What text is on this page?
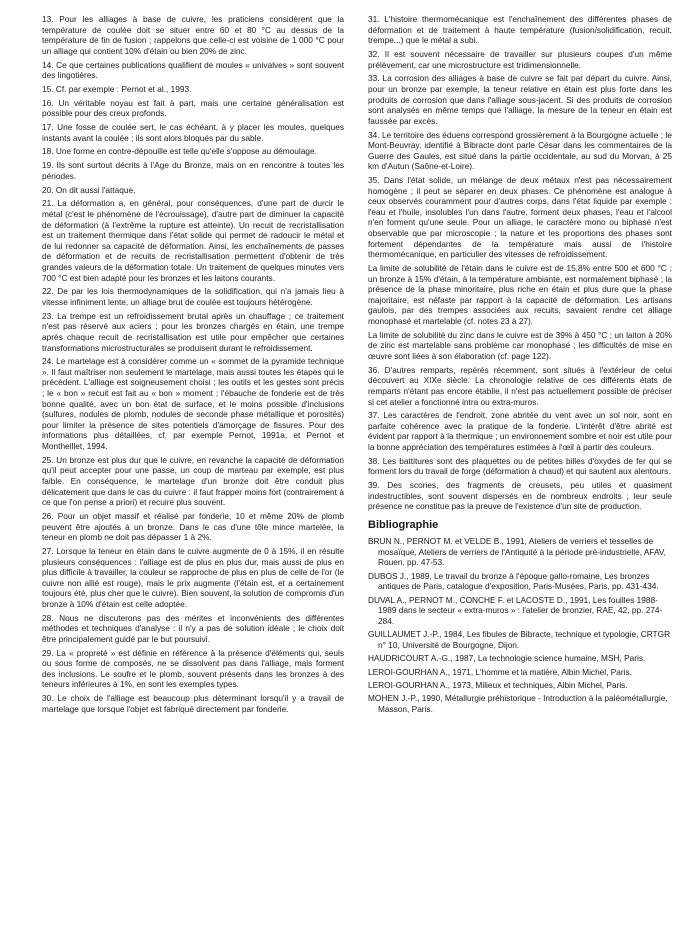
13. Pour les alliages à base de cuivre, les praticiens considèrent que la température de coulée doit se situer entre 60 et 80 °C au dessus de la température de fin de fusion ; rappelons que celle-ci est voisine de 1 000 °C pour un alliage qui contient 10% d'étain ou bien 20% de zinc.

14. Ce que certaines publications qualifient de moules « univalves » sont souvent des lingotières.

15. Cf. par exemple : Pernot et al., 1993.

16. Un véritable noyau est fait à part, mais une certaine généralisation est possible pour des creux profonds.

17. Une fosse de coulée sert, le cas échéant, à y placer les moules, quelques instants avant la coulée ; ils sont alors bloqués par du sable.

18. Une forme en contre-dépouille est telle qu'elle s'oppose au démoulage.

19. Ils sont surtout décrits à l'Age du Bronze, mais on en rencontre à toutes les périodes.

20. On dit aussi l'attaque.

21. La déformation a, en général, pour conséquences, d'une part de durcir le métal (c'est le phénomène de l'écrouissage), d'autre part de diminuer la capacité de déformation (à l'extrême la rupture est atteinte). Un recuit de recristallisation est un traitement thermique dans l'état solide qui permet de radoucir le métal et de lui redonner sa capacité de déformation. Ainsi, les enchaînements de passes de déformation et de recuits de recristallisation permettent d'obtenir de très grandes valeurs de la déformation totale. Un traitement de quelques minutes vers 700 °C est bien adapté pour les bronzes et les laitons courants.

22. De par les lois thermodynamiques de la solidification, qui n'a jamais lieu à vitesse infiniment lente, un alliage brut de coulée est toujours hétérogène.

23. La trempe est un refroidissement brutal après un chauffage ; ce traitement n'est pas réservé aux aciers ; pour les bronzes chargés en étain, une trempe après chaque recuit de recristallisation est utile pour empêcher que certaines transformations microstructurales se produisent durant le refroidissement.

24. Le martelage est à considérer comme un « sommet de la pyramide technique ». Il faut maîtriser non seulement le martelage, mais aussi toutes les étapes qui le précèdent. L'alliage est soigneusement choisi ; les outils et les gestes sont précis ; le « bon » recuit est fait au « bon » moment ; l'ébauche de fonderie est de très bonne qualité, avec un bon état de surface, et le moins possible d'inclusions (sulfures, nodules de plomb, nodules de seconde phase métallique et porosités) pour limiter la présence de sites potentiels d'amorçage de fissures. Pour des informations plus détaillées, cf. par exemple Pernot, 1991a, et Pernot et Montheillet, 1994.

25. Un bronze est plus dur que le cuivre, en revanche la capacité de déformation qu'il peut accepter pour une passe, un coup de marteau par exemple, est plus faible. En conséquence, le martelage d'un bronze doit être conduit plus délicatement que dans le cas du cuivre : il faut frapper moins fort (contrairement à ce que l'on pense a priori) et recuire plus souvent.

26. Pour un objet massif et réalisé par fonderie, 10 et même 20% de plomb peuvent être ajoutés à un bronze. Dans le cas d'une tôle mince martelée, la teneur en plomb ne doit pas dépasser 1 à 2%.

27. Lorsque la teneur en étain dans le cuivre augmente de 0 à 15%, il en résulte plusieurs conséquences : l'alliage est de plus en plus dur, mais aussi de plus en plus difficile à travailler, la couleur se rapproche de plus en plus de celle de l'or (le cuivre non allié est rouge), mais le prix augmente (l'étain est, et a certainement toujours été, plus cher que le cuivre). Bien souvent, la solution de compromis d'un bronze à 10% d'étain est celle adoptée.

28. Nous ne discuterons pas des mérites et inconvénients des différentes méthodes et techniques d'analyse : il n'y a pas de solution idéale ; le choix doit être principalement guidé par le but poursuivi.

29. La « propreté » est définie en référence à la présence d'éléments qui, seuls ou sous forme de composés, ne se dissolvent pas dans l'alliage, mais forment des inclusions. Le soufre et le plomb, souvent présents dans les bronzes à des teneurs inférieures à 1%, en sont les exemples types.

30. Le choix de l'alliage est beaucoup plus déterminant lorsqu'il y a travail de martelage que lorsque l'objet est fabriqué directement par fonderie.

31. L'histoire thermomécanique est l'enchaînement des différentes phases de déformation et de traitement à haute température (fusion/solidification, recuit, trempe...) que le métal a subi.

32. Il est souvent nécessaire de travailler sur plusieurs coupes d'un même prélèvement, car une microstructure est tridimensionnelle.

33. La corrosion des alliages à base de cuivre se fait par départ du cuivre. Ainsi, pour un bronze par exemple, la teneur relative en étain est plus forte dans les produits de corrosion que dans l'alliage sous-jacent. Si des produits de corrosion sont analysés en même temps que l'alliage, la mesure de la teneur en étain est faussée par excès.

34. Le territoire des éduens correspond grossièrement à la Bourgogne actuelle ; le Mont-Beuvray, identifié à Bibracte dont parle César dans les commentaires de la Guerre des Gaules, est situé dans la partie occidentale, au sud du Morvan, à 25 km d'Autun (Saône-et-Loire).

35. Dans l'état solide, un mélange de deux métaux n'est pas nécessairement homogène ; il peut se séparer en deux phases. Ce phénomène est analogue à ceux observés couramment pour d'autres corps, dans l'état liquide par exemple : l'eau et l'huile, insolubles l'un dans l'autre, forment deux phases, l'eau et l'alcool n'en forment qu'une seule. Pour un alliage, le caractère mono ou biphasé n'est observable que par microscopie ; la nature et les proportions des phases sont fortement dépendantes de la température mais aussi de l'histoire thermomécanique, en particulier des vitesses de refroidissement.

La limite de solubilité de l'étain dans le cuivre est de 15,8% entre 500 et 600 °C ; un bronze à 15% d'étain, à la température ambiante, est normalement biphasé ; la présence de la phase minoritaire, plus riche en étain et plus dure que la phase majoritaire, est néfaste par rapport à la capacité de déformation. Les artisans gaulois, par des trempes associées aux recuits, savaient rendre cet alliage monophasé et martelable (cf. notes 23 à 27).

La limite de solubilité du zinc dans le cuivre est de 39% à 450 °C ; un laiton à 20% de zinc est martelable sans problème car monophasé ; les difficultés de mise en œuvre sont liées à son élaboration (cf. page 122).

36. D'autres remparts, repérés récemment, sont situés à l'extérieur de celui découvert au XIXe siècle. La chronologie relative de ces différents états de remparts n'étant pas encore établie, il n'est pas actuellement possible de préciser si cet atelier a fonctionné intra ou extra-muros.

37. Les caractères de l'endroit, zone abritée du vent avec un sol noir, sont en parfaite cohérence avec la pratique de la fonderie. L'intérêt d'être abrité est évident par rapport à la thermique ; un environnement sombre et noir est utile pour la bonne appréciation des températures estimées à l'œil à partir des couleurs.

38. Les battitures sont des plaquettes ou de petites billes d'oxydes de fer qui se forment lors du travail de forge (déformation à chaud) et qui sautent aux alentours.

39. Des scories, des fragments de creusets, peu utiles et quasiment indestructibles, sont souvent dispersés en de nombreux endroits ; leur seule présence ne constitue pas la preuve de l'existence d'un site de production.

Bibliographie

BRUN N., PERNOT M. et VELDE B., 1991, Ateliers de verriers et tesselles de mosaïque, Ateliers de verriers de l'Antiquité à la période pré-industrielle, AFAV, Rouen, pp. 47-53.

DUBOS J., 1989, Le travail du bronze à l'époque gallo-romaine, Les bronzes antiques de Paris, catalogue d'exposition, Paris-Musées, Paris, pp. 431-434.

DUVAL A., PERNOT M., CONCHE F. et LACOSTE D., 1991, Les fouilles 1988-1989 dans le secteur « extra-muros » : l'atelier de bronzier, RAE, 42, pp. 274-284.

GUILLAUMET J.-P., 1984, Les fibules de Bibracte, technique et typologie, CRTGR n° 10, Université de Bourgogne, Dijon.

HAUDRICOURT A.-G., 1987, La technologie science humaine, MSH, Paris.

LEROI-GOURHAN A., 1971, L'homme et la matière, Albin Michel, Paris.

LEROI-GOURHAN A., 1973, Milieux et techniques, Albin Michel, Paris.

MOHEN J.-P., 1990, Métallurgie préhistorique - Introduction à la paléométallurgie, Masson, Paris.
